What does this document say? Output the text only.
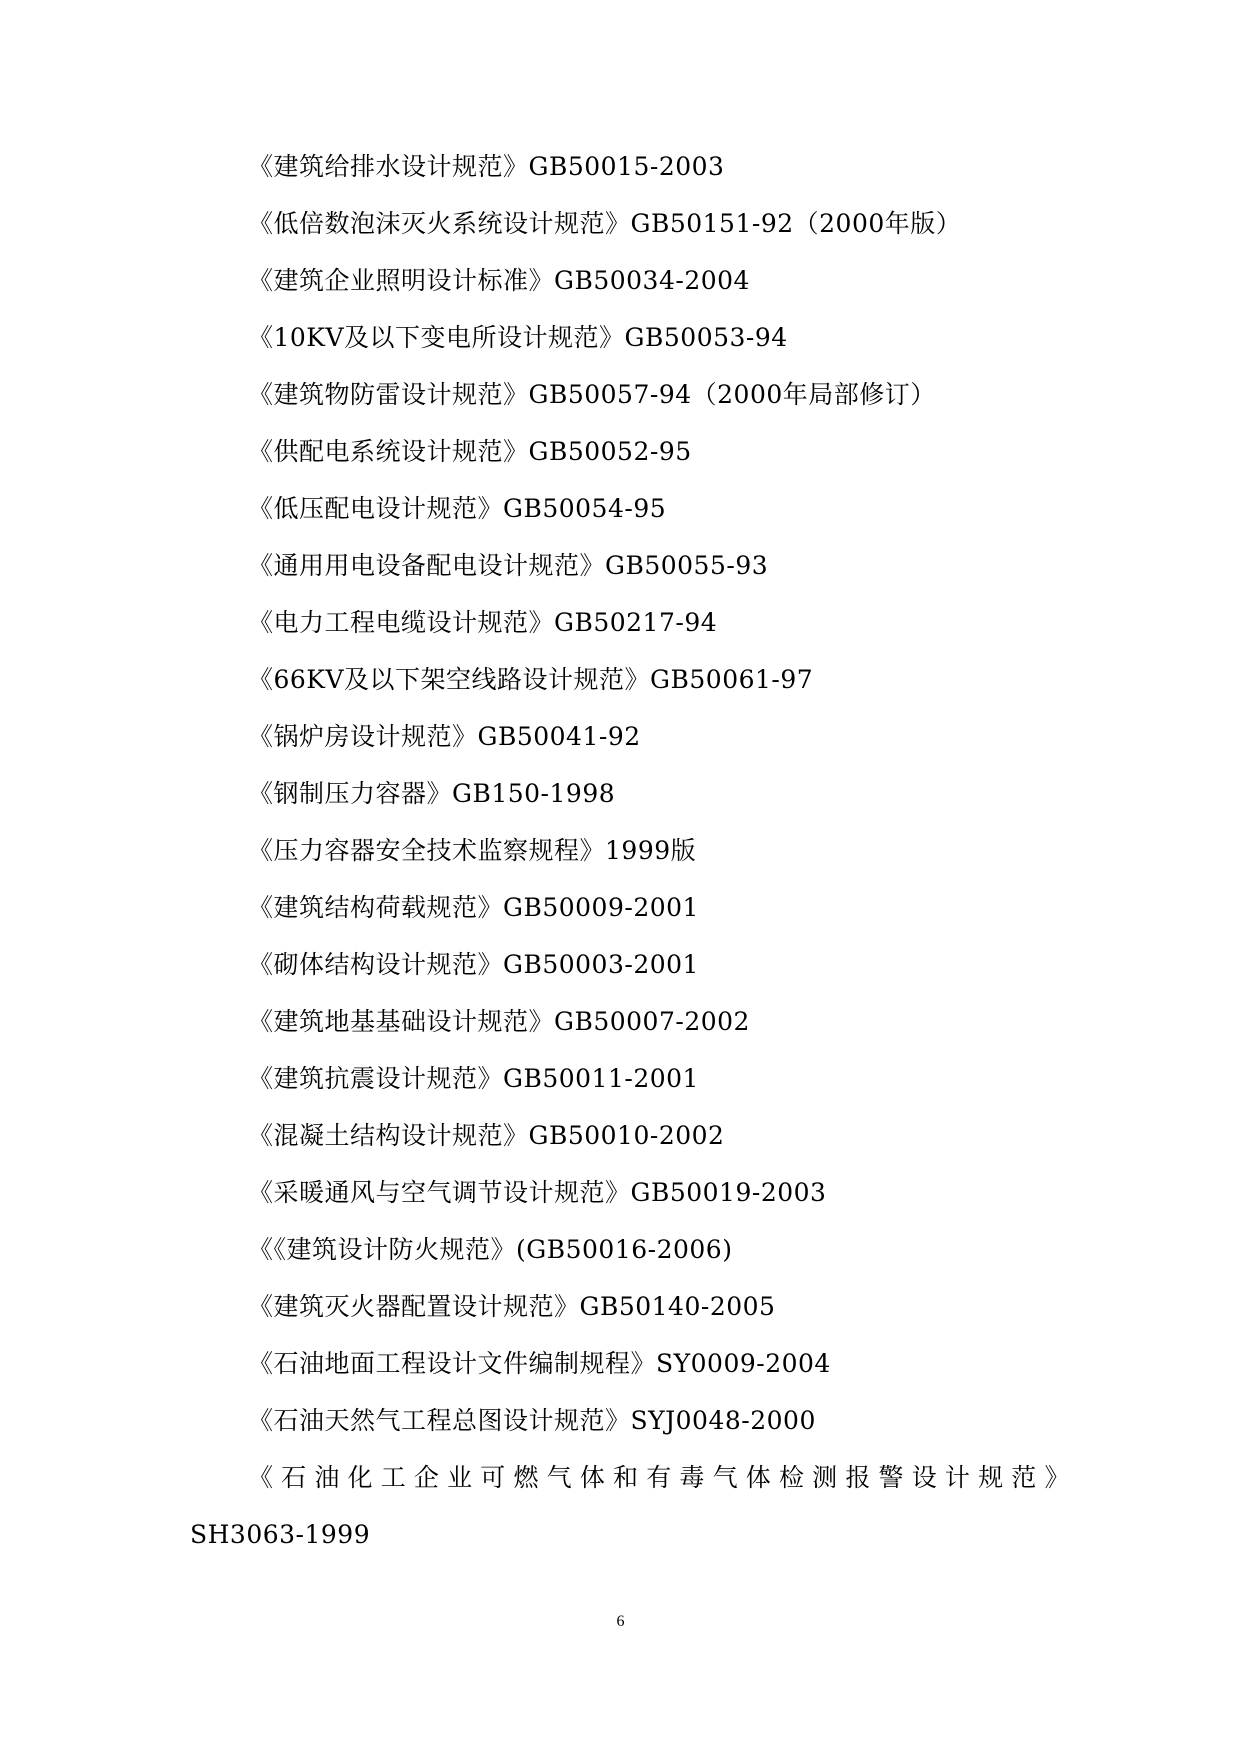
《建筑给排水设计规范》GB50015-2003
《低倍数泡沫灭火系统设计规范》GB50151-92（2000年版）
《建筑企业照明设计标准》GB50034-2004
《10KV及以下变电所设计规范》GB50053-94
《建筑物防雷设计规范》GB50057-94（2000年局部修订）
《供配电系统设计规范》GB50052-95
《低压配电设计规范》GB50054-95
《通用用电设备配电设计规范》GB50055-93
《电力工程电缆设计规范》GB50217-94
《66KV及以下架空线路设计规范》GB50061-97
《锅炉房设计规范》GB50041-92
《钢制压力容器》GB150-1998
《压力容器安全技术监察规程》1999版
《建筑结构荷载规范》GB50009-2001
《砌体结构设计规范》GB50003-2001
《建筑地基基础设计规范》GB50007-2002
《建筑抗震设计规范》GB50011-2001
《混凝土结构设计规范》GB50010-2002
《采暖通风与空气调节设计规范》GB50019-2003
《《建筑设计防火规范》(GB50016-2006)
《建筑灭火器配置设计规范》GB50140-2005
《石油地面工程设计文件编制规程》SY0009-2004
《石油天然气工程总图设计规范》SYJ0048-2000
《石油化工企业可燃气体和有毒气体检测报警设计规范》
SH3063-1999
6
